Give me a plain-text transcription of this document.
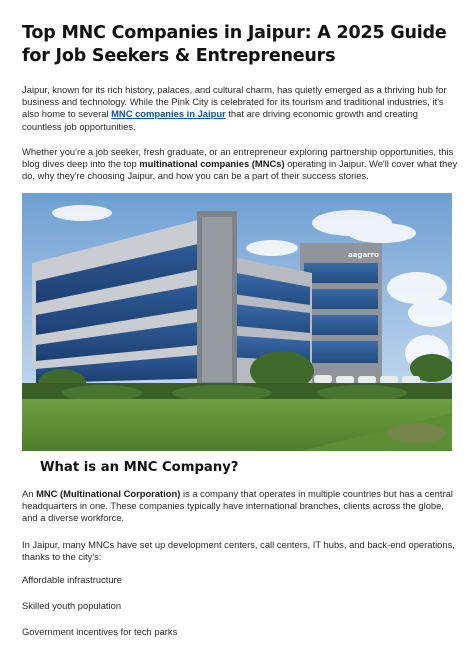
Top MNC Companies in Jaipur: A 2025 Guide for Job Seekers & Entrepreneurs

Jaipur, known for its rich history, palaces, and cultural charm, has quietly emerged as a thriving hub for business and technology. While the Pink City is celebrated for its tourism and traditional industries, it's also home to several MNC companies in Jaipur that are driving economic growth and creating countless job opportunities.

Whether you're a job seeker, fresh graduate, or an entrepreneur exploring partnership opportunities, this blog dives deep into the top multinational companies (MNCs) operating in Jaipur. We'll cover what they do, why they're choosing Jaipur, and how you can be a part of their success stories.

aagarro
What is an MNC Company?

An MNC (Multinational Corporation) is a company that operates in multiple countries but has a central headquarters in one. These companies typically have international branches, clients across the globe, and a diverse workforce.

In Jaipur, many MNCs have set up development centers, call centers, IT hubs, and back-end operations, thanks to the city's:

Affordable infrastructure
Skilled youth population
Government incentives for tech parks
